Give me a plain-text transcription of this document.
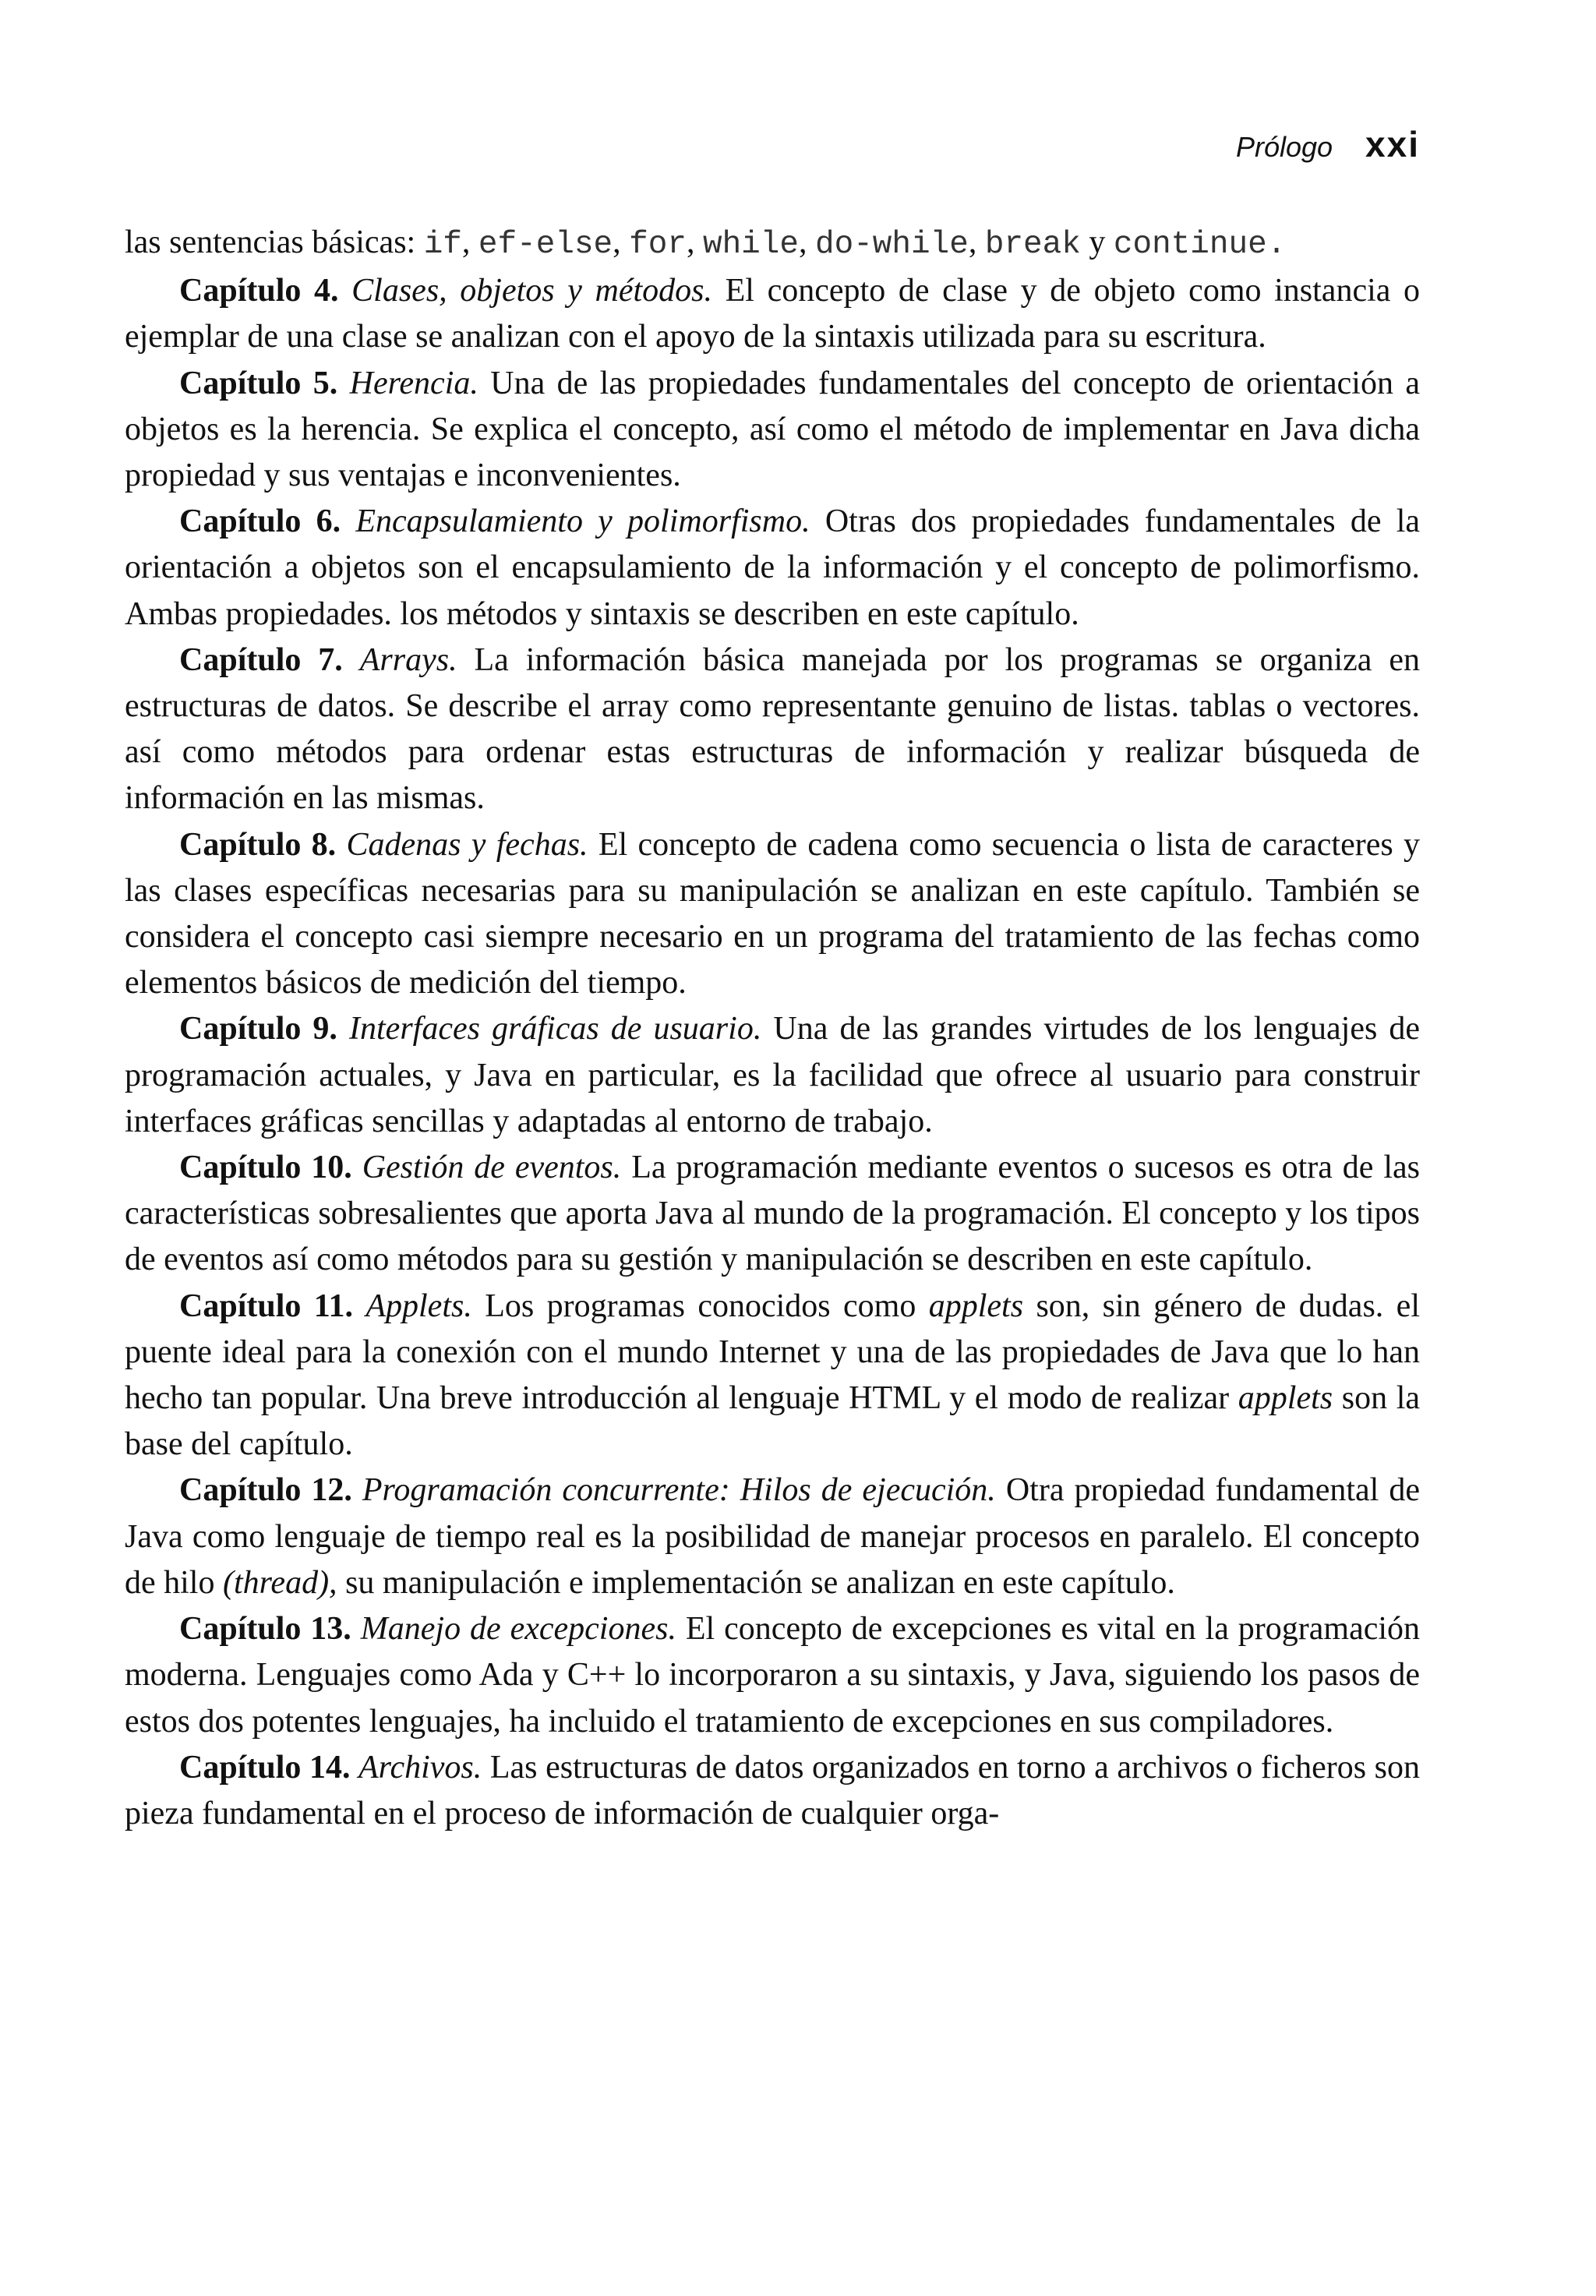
Prólogo xxi

las sentencias básicas: if, ef-else, for, while, do-while, break y continue.

Capítulo 4. Clases, objetos y métodos. El concepto de clase y de objeto como instancia o ejemplar de una clase se analizan con el apoyo de la sintaxis utilizada para su escritura.

Capítulo 5. Herencia. Una de las propiedades fundamentales del concepto de orientación a objetos es la herencia. Se explica el concepto, así como el método de implementar en Java dicha propiedad y sus ventajas e inconvenientes.

Capítulo 6. Encapsulamiento y polimorfismo. Otras dos propiedades fundamentales de la orientación a objetos son el encapsulamiento de la información y el concepto de polimorfismo. Ambas propiedades. los métodos y sintaxis se describen en este capítulo.

Capítulo 7. Arrays. La información básica manejada por los programas se organiza en estructuras de datos. Se describe el array como representante genuino de listas. tablas o vectores. así como métodos para ordenar estas estructuras de información y realizar búsqueda de información en las mismas.

Capítulo 8. Cadenas y fechas. El concepto de cadena como secuencia o lista de caracteres y las clases específicas necesarias para su manipulación se analizan en este capítulo. También se considera el concepto casi siempre necesario en un programa del tratamiento de las fechas como elementos básicos de medición del tiempo.

Capítulo 9. Interfaces gráficas de usuario. Una de las grandes virtudes de los lenguajes de programación actuales, y Java en particular, es la facilidad que ofrece al usuario para construir interfaces gráficas sencillas y adaptadas al entorno de trabajo.

Capítulo 10. Gestión de eventos. La programación mediante eventos o sucesos es otra de las características sobresalientes que aporta Java al mundo de la programación. El concepto y los tipos de eventos así como métodos para su gestión y manipulación se describen en este capítulo.

Capítulo 11. Applets. Los programas conocidos como applets son, sin género de dudas. el puente ideal para la conexión con el mundo Internet y una de las propiedades de Java que lo han hecho tan popular. Una breve introducción al lenguaje HTML y el modo de realizar applets son la base del capítulo.

Capítulo 12. Programación concurrente: Hilos de ejecución. Otra propiedad fundamental de Java como lenguaje de tiempo real es la posibilidad de manejar procesos en paralelo. El concepto de hilo (thread), su manipulación e implementación se analizan en este capítulo.

Capítulo 13. Manejo de excepciones. El concepto de excepciones es vital en la programación moderna. Lenguajes como Ada y C++ lo incorporaron a su sintaxis, y Java, siguiendo los pasos de estos dos potentes lenguajes, ha incluido el tratamiento de excepciones en sus compiladores.

Capítulo 14. Archivos. Las estructuras de datos organizados en torno a archivos o ficheros son pieza fundamental en el proceso de información de cualquier orga-
